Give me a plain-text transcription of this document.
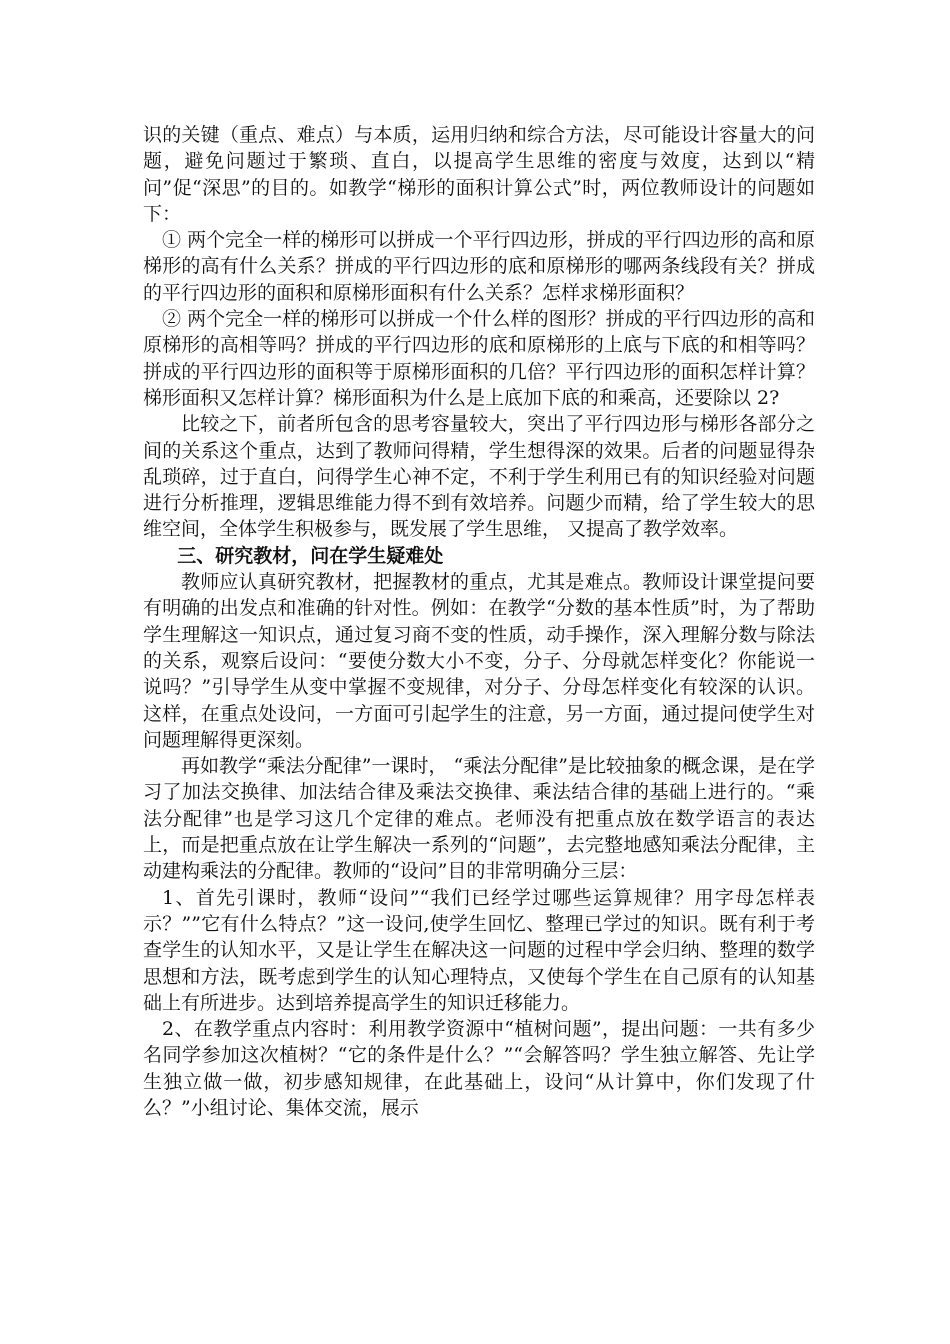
识的关键（重点、难点）与本质，运用归纳和综合方法，尽可能设计容量大的问题，避免问题过于繁琐、直白，以提高学生思维的密度与效度，达到以“精问”促“深思”的目的。如教学“梯形的面积计算公式”时，两位教师设计的问题如下：

① 两个完全一样的梯形可以拼成一个平行四边形，拼成的平行四边形的高和原梯形的高有什么关系？拼成的平行四边形的底和原梯形的哪两条线段有关？拼成的平行四边形的面积和原梯形面积有什么关系？怎样求梯形面积？

② 两个完全一样的梯形可以拼成一个什么样的图形？拼成的平行四边形的高和原梯形的高相等吗？拼成的平行四边形的底和原梯形的上底与下底的和相等吗？拼成的平行四边形的面积等于原梯形面积的几倍？平行四边形的面积怎样计算？梯形面积又怎样计算？梯形面积为什么是上底加下底的和乘高，还要除以 2?

比较之下，前者所包含的思考容量较大，突出了平行四边形与梯形各部分之间的关系这个重点，达到了教师问得精，学生想得深的效果。后者的问题显得杂乱琐碎，过于直白，问得学生心神不定，不利于学生利用已有的知识经验对问题进行分析推理，逻辑思维能力得不到有效培养。问题少而精，给了学生较大的思维空间，全体学生积极参与，既发展了学生思维， 又提高了教学效率。

三、研究教材，问在学生疑难处

教师应认真研究教材，把握教材的重点，尤其是难点。教师设计课堂提问要有明确的出发点和准确的针对性。例如：在教学“分数的基本性质”时，为了帮助学生理解这一知识点，通过复习商不变的性质，动手操作，深入理解分数与除法的关系，观察后设问：“要使分数大小不变，分子、分母就怎样变化？你能说一说吗？”引导学生从变中掌握不变规律，对分子、分母怎样变化有较深的认识。这样，在重点处设问，一方面可引起学生的注意，另一方面，通过提问使学生对问题理解得更深刻。

再如教学“乘法分配律”一课时， “乘法分配律”是比较抽象的概念课，是在学习了加法交换律、加法结合律及乘法交换律、乘法结合律的基础上进行的。“乘法分配律”也是学习这几个定律的难点。老师没有把重点放在数学语言的表达上，而是把重点放在让学生解决一系列的“问题”，去完整地感知乘法分配律，主动建构乘法的分配律。教师的“设问”目的非常明确分三层：

1、首先引课时，教师“设问”“我们已经学过哪些运算规律？用字母怎样表示？””它有什么特点？”这一设问,使学生回忆、整理已学过的知识。既有利于考查学生的认知水平，又是让学生在解决这一问题的过程中学会归纳、整理的数学思想和方法，既考虑到学生的认知心理特点，又使每个学生在自己原有的认知基础上有所进步。达到培养提高学生的知识迁移能力。

2、在教学重点内容时：利用教学资源中“植树问题”，提出问题：一共有多少名同学参加这次植树？“它的条件是什么？”“会解答吗？学生独立解答、先让学生独立做一做，初步感知规律，在此基础上，设问“从计算中，你们发现了什么？”小组讨论、集体交流，展示
